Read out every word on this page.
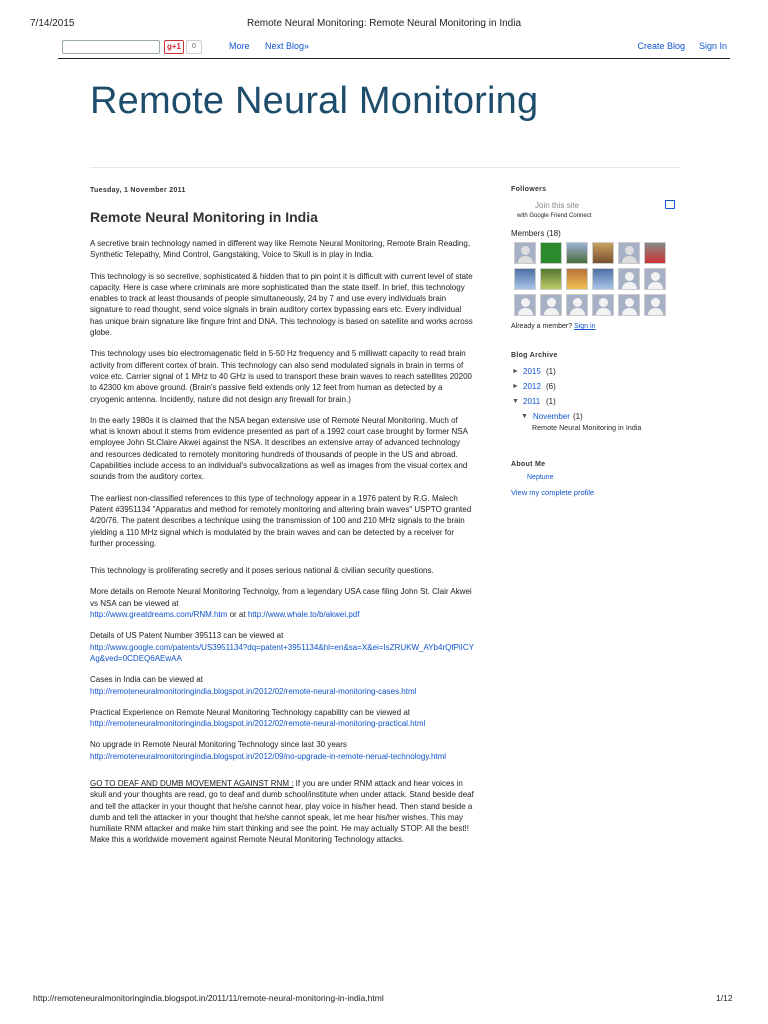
7/14/2015	Remote Neural Monitoring: Remote Neural Monitoring in India
g+1	0	More Next Blog»	Create Blog Sign In
Remote Neural Monitoring
Tuesday, 1 November 2011
Remote Neural Monitoring in India

A secretive brain technology named in different way like Remote Neural Monitoring, Remote Brain Reading, Synthetic Telepathy, Mind Control, Gangstaking, Voice to Skull is in play in India.

This technology is so secretive, sophisticated & hidden that to pin point it is difficult with current level of state capacity. Here is case where criminals are more sophisticated than the state itself. In brief, this technology enables to track at least thousands of people simultaneously, 24 by 7 and use every individuals brain signature to read thought, send voice signals in brain auditory cortex bypassing ears etc. Every individual has unique brain signature like fingure frint and DNA. This technology is based on satellite and works across globe.

This technology uses bio electromagenatic field in 5-50 Hz frequency and 5 milliwatt capacity to read brain activity from different cortex of brain. This technology can also send modulated signals in brain in terms of voice etc. Carrier signal of 1 MHz to 40 GHz is used to transport these brain waves to reach satellites 20200 to 42300 km above ground. (Brain's passive field extends only 12 feet from human as detected by a cryogenic antenna. Incidently, nature did not design any firewall for brain.)

In the early 1980s it is claimed that the NSA began extensive use of Remote Neural Monitoring. Much of what is known about it stems from evidence presented as part of a 1992 court case brought by former NSA employee John St.Claire Akwei against the NSA. It describes an extensive array of advanced technology and resources dedicated to remotely monitoring hundreds of thousands of people in the US and abroad. Capabilities include access to an individual's subvocalizations as well as images from the visual cortex and sounds from the auditory cortex.

The earliest non-classified references to this type of technology appear in a 1976 patent by R.G. Malech Patent #3951134 "Apparatus and method for remotely monitoring and altering brain waves" USPTO granted 4/20/76. The patent describes a technique using the transmission of 100 and 210 MHz signals to the brain yielding a 110 MHz signal which is modulated by the brain waves and can be detected by a receiver for further processing.

This technology is proliferating secretly and it poses serious national & civilian security questions.

More details on Remote Neural Monitoring Technolgy, from a legendary USA case filing John St. Clair Akwei vs NSA can be viewed at
http://www.greatdreams.com/RNM.htm or at http://www.whale.to/b/akwei.pdf

Details of US Patent Number 395113 can be viewed at
http://www.google.com/patents/US3951134?dq=patent+3951134&hl=en&sa=X&ei=IsZRUKW_AYb4rQfPiICYAg&ved=0CDEQ6AEwAA

Cases in India can be viewed at
http://remoteneuralmonitoringindia.blogspot.in/2012/02/remote-neural-monitoring-cases.html

Practical Experience on Remote Neural Monitoring Technology capability can be viewed at
http://remoteneuralmonitoringindia.blogspot.in/2012/02/remote-neural-monitoring-practical.html

No upgrade in Remote Neural Monitoring Technology since last 30 years
http://remoteneuralmonitoringindia.blogspot.in/2012/09/no-upgrade-in-remote-nerual-technology.html

GO TO DEAF AND DUMB MOVEMENT AGAINST RNM : If you are under RNM attack and hear voices in skull and your thoughts are read, go to deaf and dumb school/institute when under attack. Stand beside deaf and tell the attacker in your thought that he/she cannot hear, play voice in his/her head. Then stand beside a dumb and tell the attacker in your thought that he/she cannot speak, let me hear his/her wishes. This may humiliate RNM attacker and make him start thinking and see the point. He may actually STOP. All the best!! Make this a worldwide movement against Remote Neural Monitoring Technology attacks.

Followers
Join this site
with Google Friend Connect
Members (18)
Already a member? Sign in
Blog Archive
► 2015 (1)
► 2012 (6)
▼ 2011 (1)
▼ November (1)
Remote Neural Monitoring in India
About Me
Neptune
View my complete profile
http://remoteneuralmonitoringindia.blogspot.in/2011/11/remote-neural-monitoring-in-india.html	1/12
